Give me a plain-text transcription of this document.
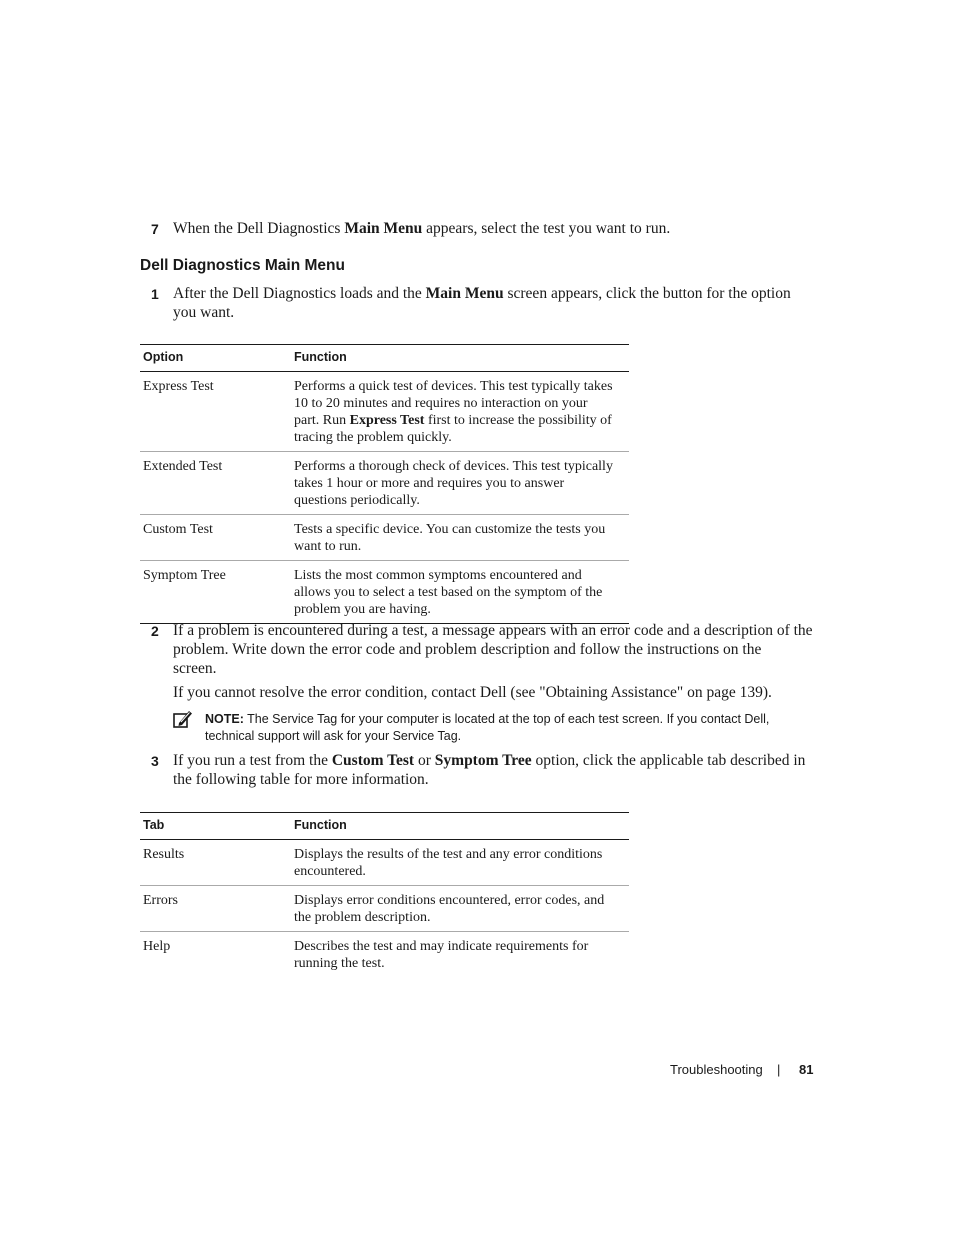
7 When the Dell Diagnostics Main Menu appears, select the test you want to run.
Dell Diagnostics Main Menu
1 After the Dell Diagnostics loads and the Main Menu screen appears, click the button for the option
you want.
Option	Function
Express Test	Performs a quick test of devices. This test typically takes
10 to 20 minutes and requires no interaction on your
part. Run Express Test first to increase the possibility of
tracing the problem quickly.

Extended Test	Performs a thorough check of devices. This test typically
takes 1 hour or more and requires you to answer
questions periodically.

Custom Test	Tests a specific device. You can customize the tests you
want to run.

Symptom Tree	Lists the most common symptoms encountered and
allows you to select a test based on the symptom of the
problem you are having.
2 If a problem is encountered during a test, a message appears with an error code and a description of the
problem. Write down the error code and problem description and follow the instructions on the
screen.
If you cannot resolve the error condition, contact Dell (see "Obtaining Assistance" on page 139).
NOTE: The Service Tag for your computer is located at the top of each test screen. If you contact Dell,
technical support will ask for your Service Tag.
3 If you run a test from the Custom Test or Symptom Tree option, click the applicable tab described in
the following table for more information.
Tab	Function
Results	Displays the results of the test and any error conditions
encountered.

Errors	Displays error conditions encountered, error codes, and
the problem description.

Help	Describes the test and may indicate requirements for
running the test.
Troubleshooting | 81
